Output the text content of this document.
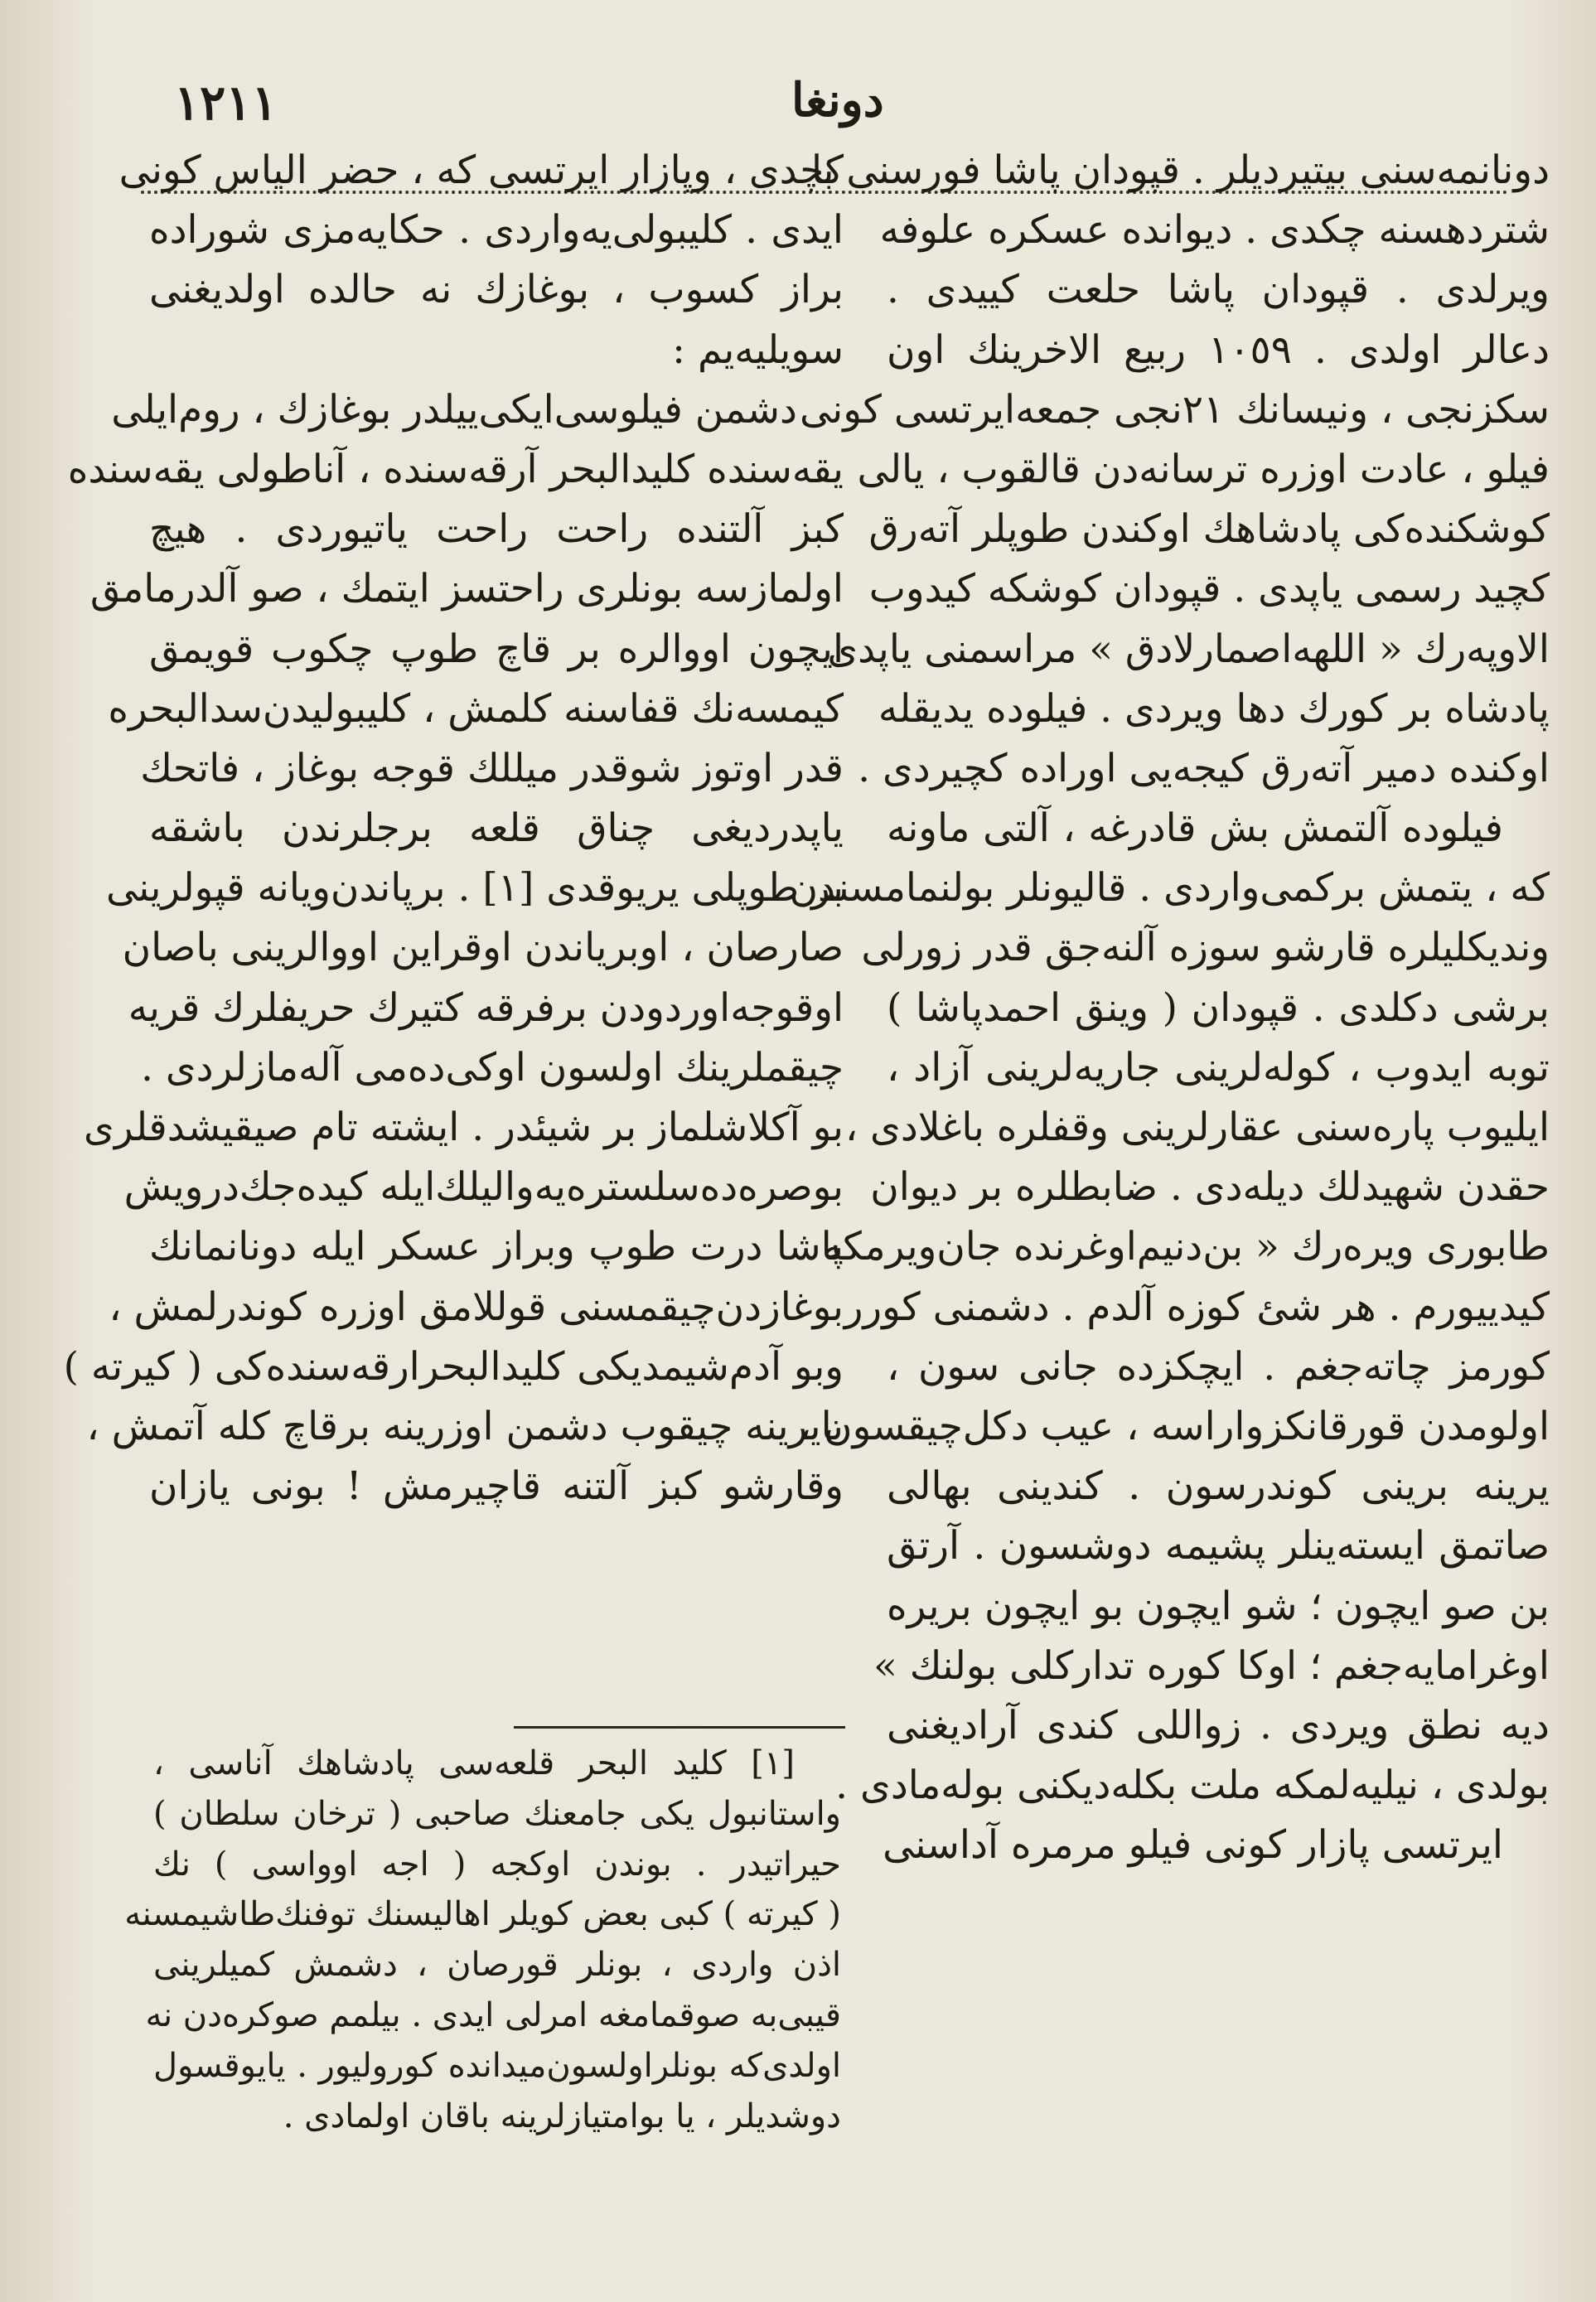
١٢١١	دونغا
دونانمه‌سنی بیتیردیلر . قپودان پاشا فورسنی با
شتردهسنه چکدی . دیوانده عسکره علوفه
ویرلدی . قپودان پاشا حلعت کییدی .
دعالر اولدی . ١٠٥٩ ربیع الاخرینك اون
سکزنجی ، ونیسانك ٢١نجی جمعه‌ایرتسی کونی
فیلو ، عادت اوزره ترسانه‌دن قالقوب ، یالی
کوشکنده‌کی پادشاهك اوکندن طوپلر آته‌رق
کچید رسمی یاپدی . قپودان کوشکه کیدوب
الاوپه‌رك « اللهه‌اصمارلادق » مراسمنی یاپدی
پادشاه بر کورك دها ویردی . فیلوده یدیقله
اوکنده دمیر آته‌رق کیجه‌یی اوراده کچیردی .
فیلوده آلتمش بش قادرغه ، آلتی ماونه
که ، یتمش برکمی‌واردی . قالیونلر بولنمامسندن
وندیکلیلره قارشو سوزه آلنه‌جق قدر زورلی
برشی دکلدی . قپودان ( وینق احمدپاشا )
توبه ایدوب ، کوله‌لرینی جاریه‌لرینی آزاد ،
ایلیوب پاره‌سنی عقارلرینی وقفلره باغلادی ،
حقدن شهیدلك دیله‌دی . ضابطلره بر دیوان
طابوری ویره‌رك « بن‌دنیم‌اوغرنده جان‌ویرمکه
کیدییورم . هر شئ کوزه آلدم . دشمنی کورر
کورمز چاته‌جغم . ایچکزده جانی سون ،
اولومدن قورقانکزواراسه ، عیب دکل‌چیقسون ،
یرینه برینی کوندرسون . کندینی بهالی
صاتمق ایسته‌ینلر پشیمه دوشسون . آرتق
بن صو ایچون ؛ شو ایچون بو ایچون بریره
اوغرامایه‌جغم ؛ اوکا کوره تدارکلی بولنك »
دیه نطق ویردی . زواللی کندی آرادیغنی
بولدی ، نیلیه‌لمکه ملت بکله‌دیکنی بوله‌مادی .
ایرتسی پازار کونی فیلو مرمره آداسنی
کچدی ، وپازار ایرتسی که ، حضر الیاس کونی
ایدی . کلیبولی‌یه‌واردی . حکایه‌مزی شوراده
براز کسوب ، بوغازك نه حالده اولدیغنی
سویلیه‌یم :
دشمن فیلوسی‌ایکی‌ییلدر بوغازك ، روم‌ایلی
یقه‌سنده کلیدالبحر آرقه‌سنده ، آناطولی یقه‌سنده
کبز آلتنده راحت راحت یاتیوردی . هیچ
اولمازسه بونلری راحتسز ایتمك ، صو آلدرمامق
ایچون اووالره بر قاچ طوپ چکوب قویمق
کیمسه‌نك قفاسنه کلمش ، کلیبولیدن‌سدالبحره
قدر اوتوز شوقدر میللك قوجه بوغاز ، فاتحك
یاپدردیغی چناق قلعه برجلرندن باشقه
بر طوپلی یریوقدی [١] . برپاندن‌ویانه قپولرینی
صارصان ، اوبریاندن اوقراین اووالرینی باصان
اوقوجه‌اوردودن برفرقه کتیرك حریفلرك قریه
چیقملرینك اولسون اوکی‌ده‌می آله‌مازلردی .
بو آکلاشلماز بر شیئدر . ایشته تام صیقیشدقلری
بوصره‌ده‌سلستره‌یه‌والیلك‌ایله کیده‌جك‌درویش
پاشا درت طوپ وبراز عسکر ایله دونانمانك
بوغازدن‌چیقمسنی قوللامق اوزره کوندرلمش ،
وبو آدم‌شیمدیکی کلیدالبحرارقه‌سنده‌کی ( کیرته )
بایرینه چیقوب دشمن اوزرینه برقاچ کله آتمش ،
وقارشو کبز آلتنه قاچیرمش ! بونی یازان
[١] کلید البحر قلعه‌سی پادشاهك آناسی ،
واستانبول یکی جامعنك صاحبی ( ترخان سلطان )
حیراتیدر . بوندن اوکجه ( اجه اوواسی ) نك
( کیرته ) کبی بعض کویلر اهالیسنك توفنك‌طاشیمسنه
اذن واردی ، بونلر قورصان ، دشمش کمیلرینی
قیبی‌به صوقمامغه امرلی ایدی . بیلمم صوکره‌دن نه
اولدی‌که بونلراولسون‌میدانده کورولیور . یایوقسول
دوشدیلر ، یا بوامتیازلرینه باقان اولمادی .
